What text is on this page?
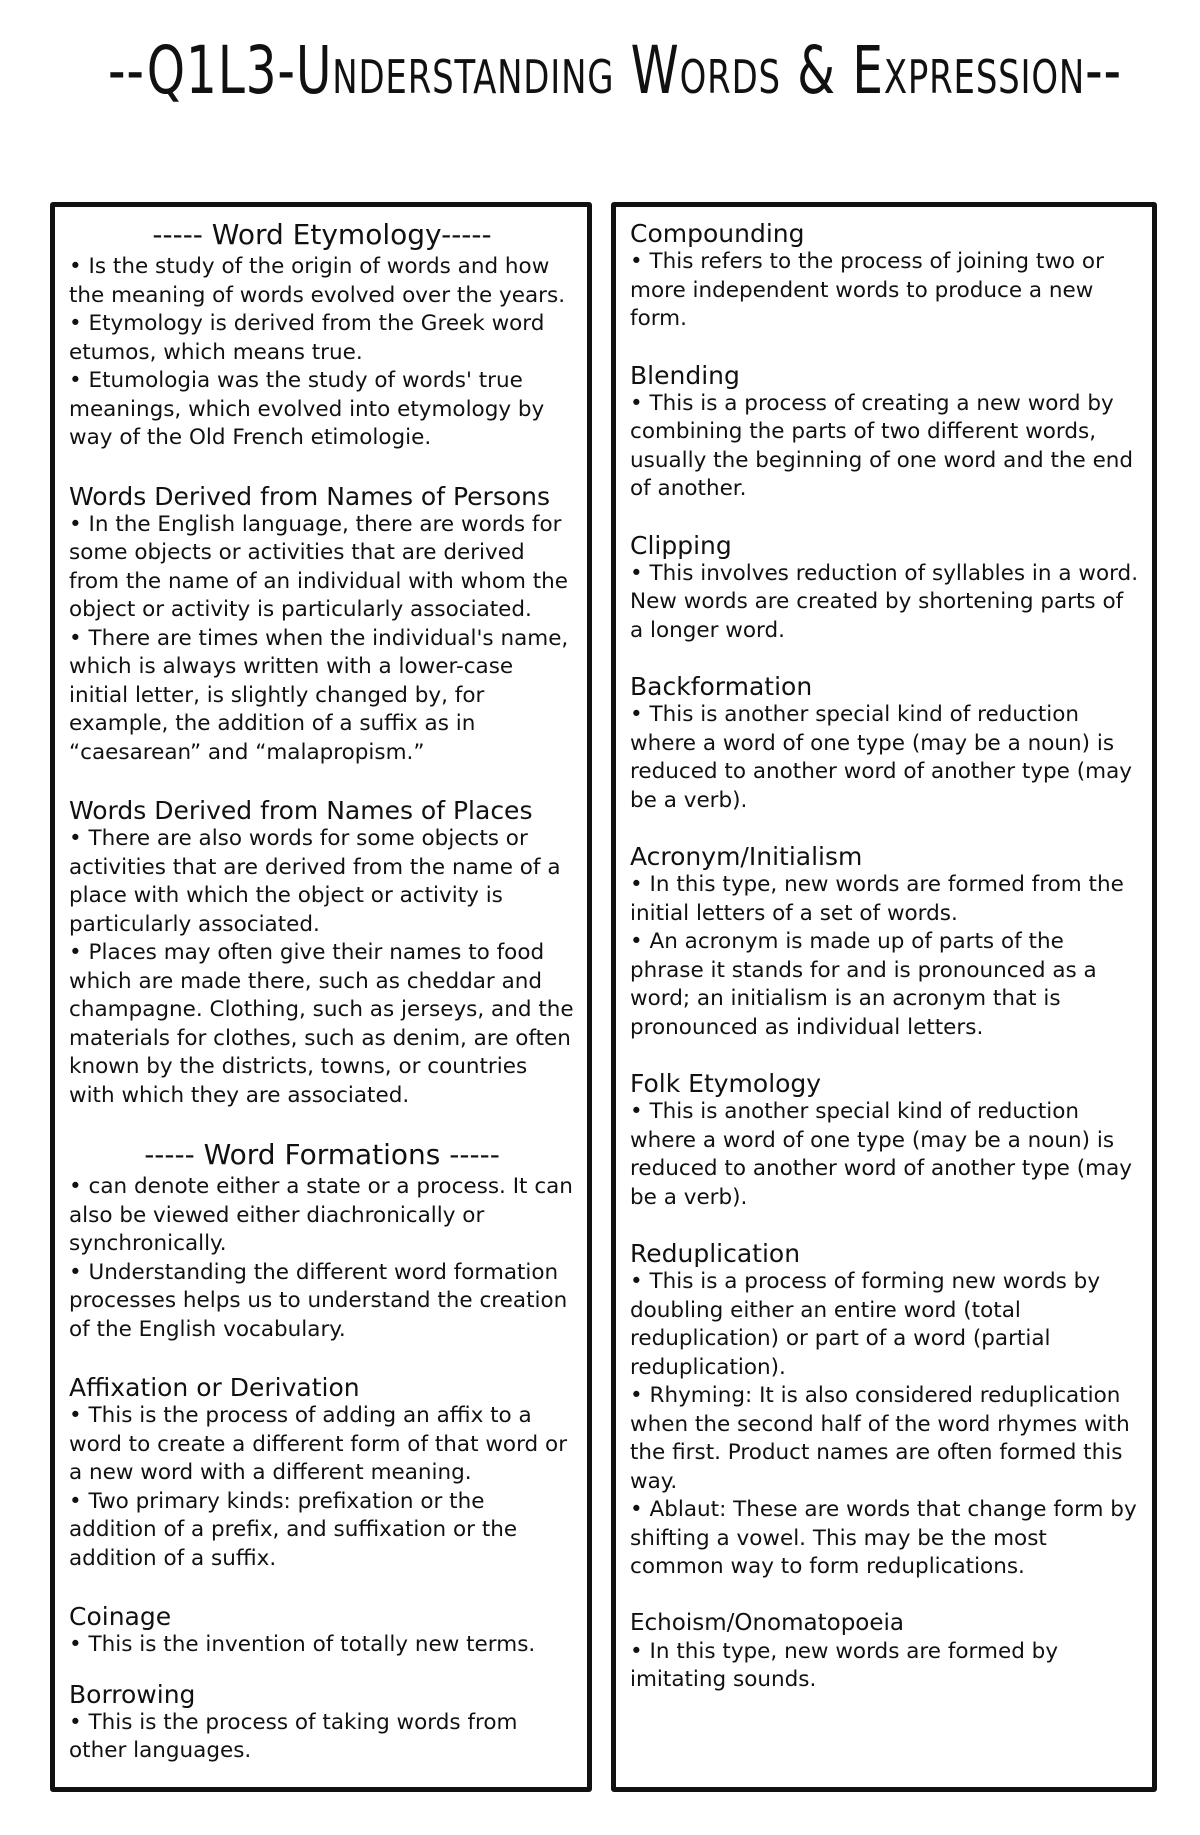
--Q1L3-Understanding Words & Expression--
----- Word Etymology-----

• Is the study of the origin of words and how the meaning of words evolved over the years.

• Etymology is derived from the Greek word etumos, which means true.

• Etumologia was the study of words' true meanings, which evolved into etymology by way of the Old French etimologie.

Words Derived from Names of Persons

• In the English language, there are words for some objects or activities that are derived from the name of an individual with whom the object or activity is particularly associated.

• There are times when the individual's name, which is always written with a lower-case initial letter, is slightly changed by, for example, the addition of a suffix as in “caesarean” and “malapropism.”

Words Derived from Names of Places

• There are also words for some objects or activities that are derived from the name of a place with which the object or activity is particularly associated.

• Places may often give their names to food which are made there, such as cheddar and champagne. Clothing, such as jerseys, and the materials for clothes, such as denim, are often known by the districts, towns, or countries with which they are associated.

----- Word Formations -----

• can denote either a state or a process. It can also be viewed either diachronically or synchronically.

• Understanding the different word formation processes helps us to understand the creation of the English vocabulary.

Affixation or Derivation

• This is the process of adding an affix to a word to create a different form of that word or a new word with a different meaning.

• Two primary kinds: prefixation or the addition of a prefix, and suffixation or the addition of a suffix.

Coinage

• This is the invention of totally new terms.

Borrowing

• This is the process of taking words from other languages.

Compounding

• This refers to the process of joining two or more independent words to produce a new form.

Blending

• This is a process of creating a new word by combining the parts of two different words, usually the beginning of one word and the end of another.

Clipping

• This involves reduction of syllables in a word. New words are created by shortening parts of a longer word.

Backformation

• This is another special kind of reduction where a word of one type (may be a noun) is reduced to another word of another type (may be a verb).

Acronym/Initialism

• In this type, new words are formed from the initial letters of a set of words.

• An acronym is made up of parts of the phrase it stands for and is pronounced as a word; an initialism is an acronym that is pronounced as individual letters.

Folk Etymology

• This is another special kind of reduction where a word of one type (may be a noun) is reduced to another word of another type (may be a verb).

Reduplication

• This is a process of forming new words by doubling either an entire word (total reduplication) or part of a word (partial reduplication).

• Rhyming: It is also considered reduplication when the second half of the word rhymes with the first. Product names are often formed this way.

• Ablaut: These are words that change form by shifting a vowel. This may be the most common way to form reduplications.

Echoism/Onomatopoeia

• In this type, new words are formed by imitating sounds.
